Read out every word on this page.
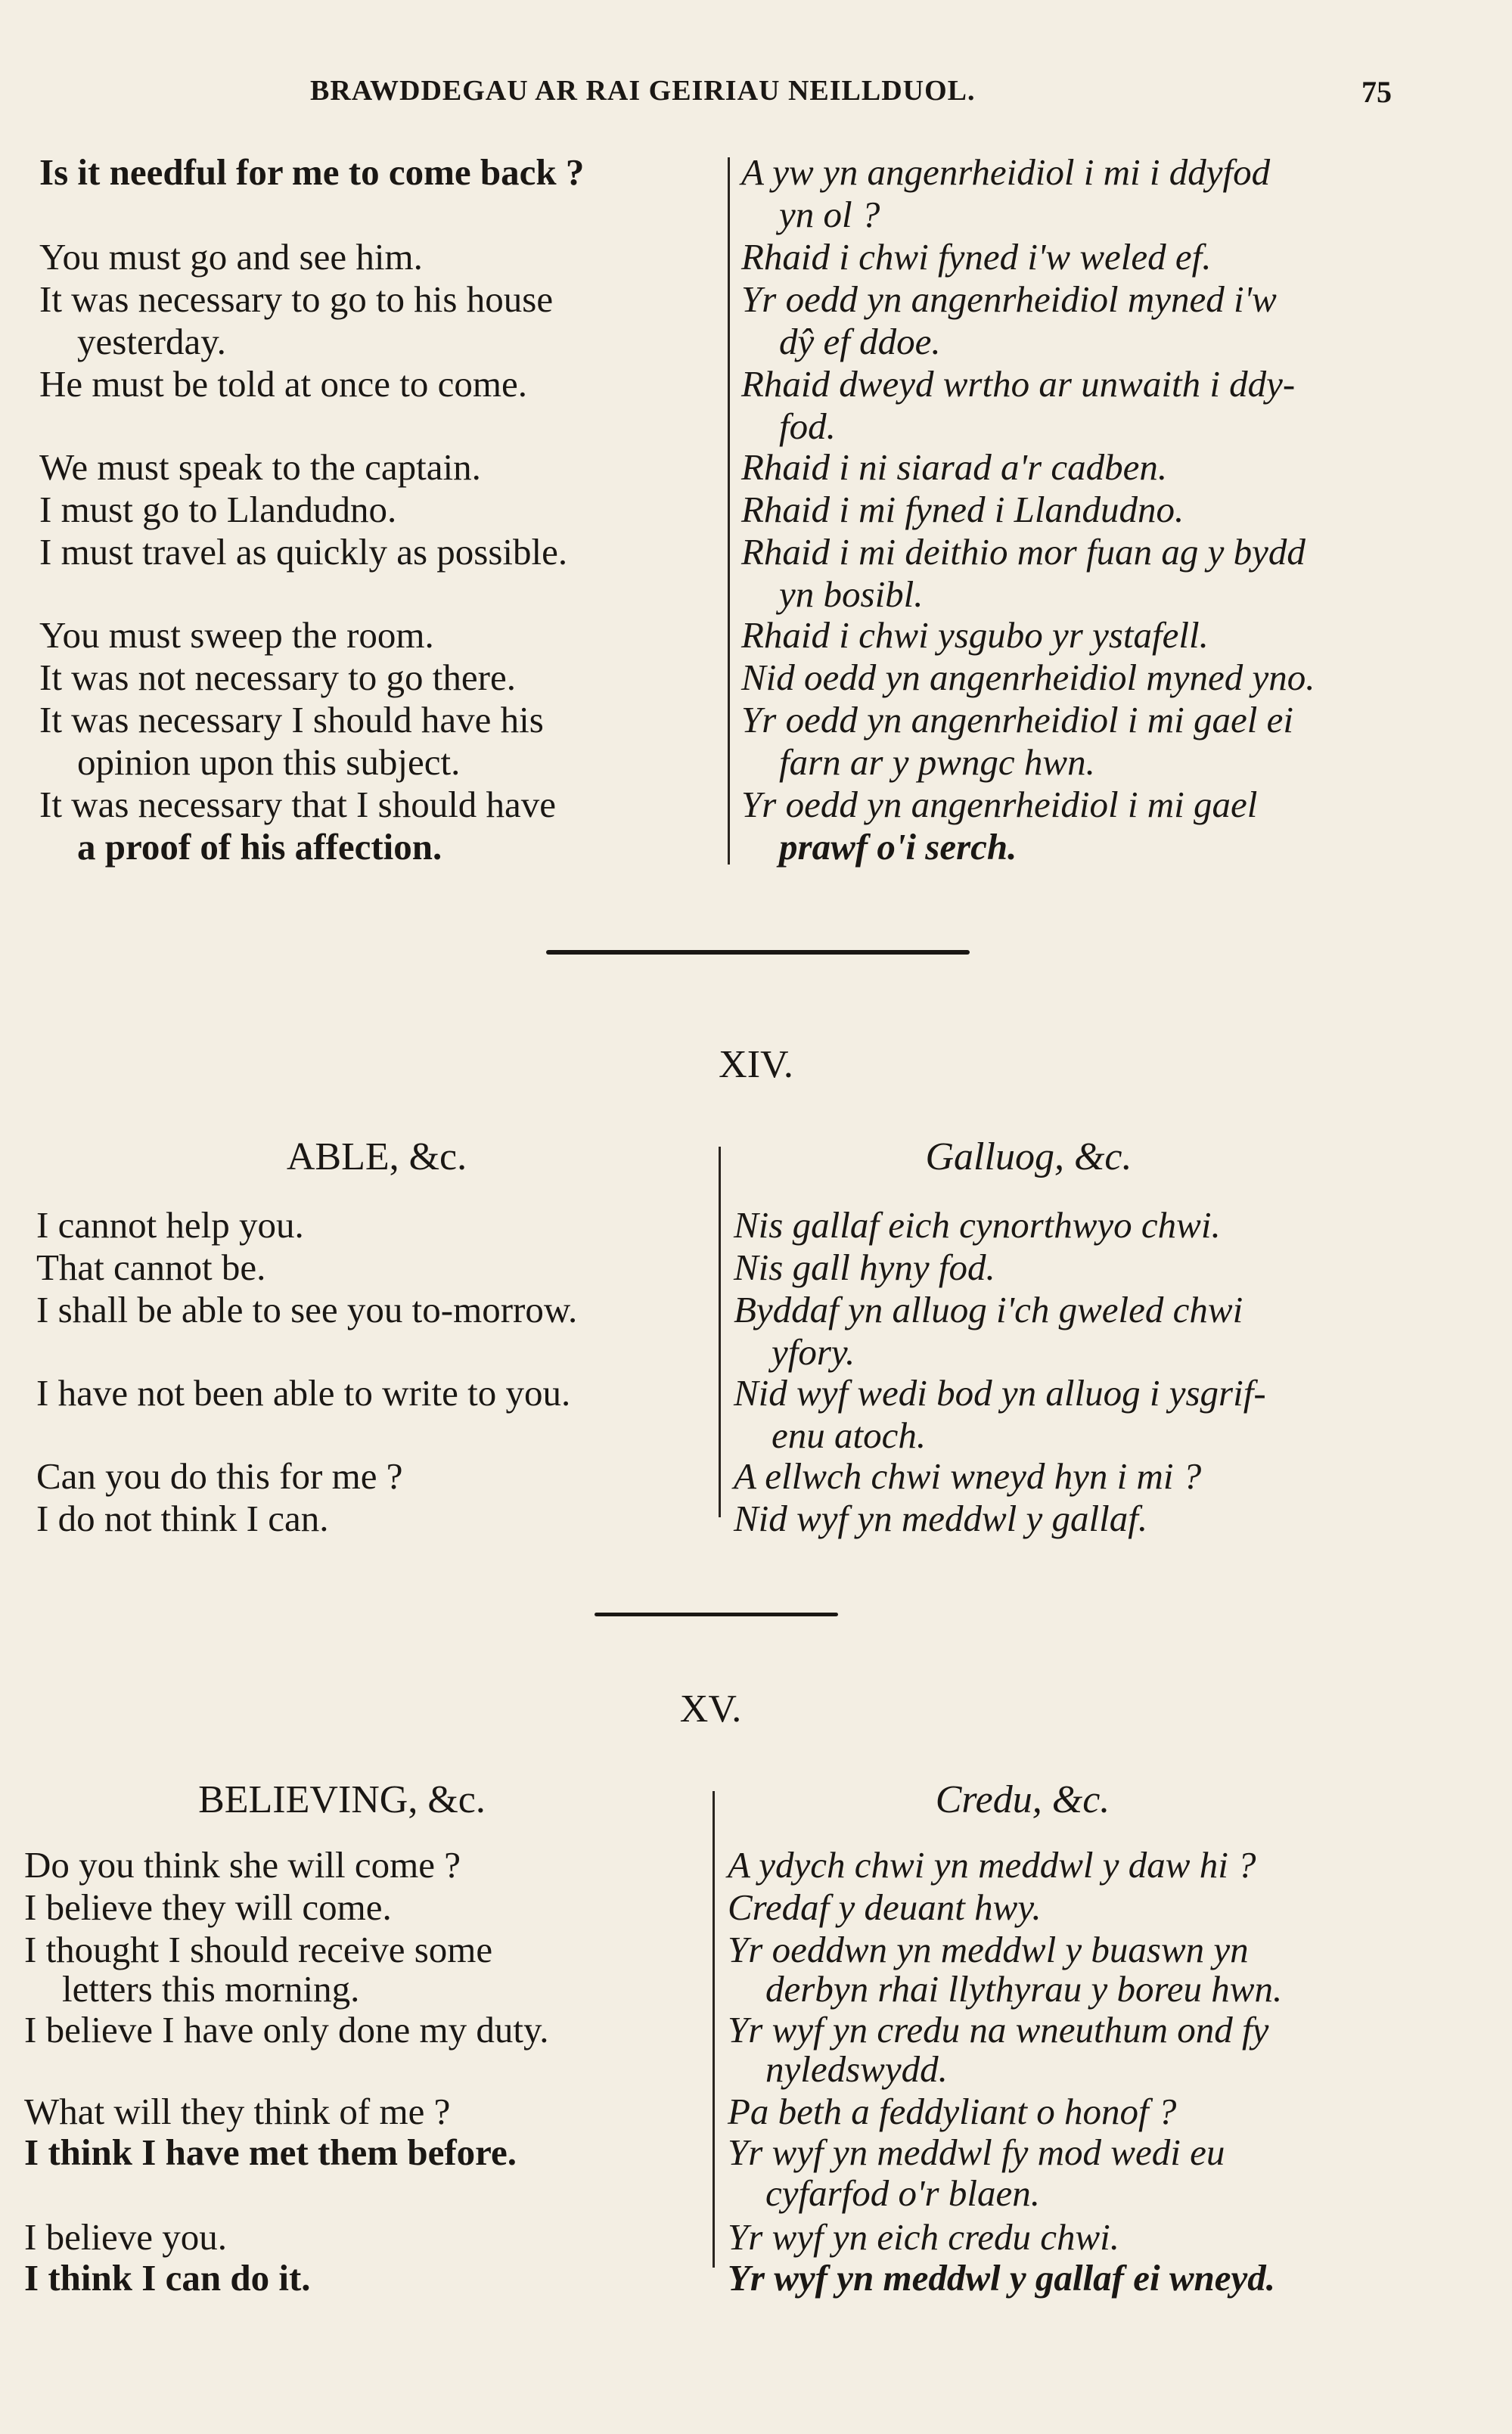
BRAWDDEGAU AR RAI GEIRIAU NEILLDUOL.	75
Is it needful for me to come back ?
You must go and see him.
It was necessary to go to his house
yesterday.
He must be told at once to come.
We must speak to the captain.
I must go to Llandudno.
I must travel as quickly as possible.
You must sweep the room.
It was not necessary to go there.
It was necessary I should have his
opinion upon this subject.
It was necessary that I should have
a proof of his affection.
A yw yn angenrheidiol i mi i ddyfod
yn ol ?
Rhaid i chwi fyned i'w weled ef.
Yr oedd yn angenrheidiol myned i'w
dŷ ef ddoe.
Rhaid dweyd wrtho ar unwaith i ddy-
fod.
Rhaid i ni siarad a'r cadben.
Rhaid i mi fyned i Llandudno.
Rhaid i mi deithio mor fuan ag y bydd
yn bosibl.
Rhaid i chwi ysgubo yr ystafell.
Nid oedd yn angenrheidiol myned yno.
Yr oedd yn angenrheidiol i mi gael ei
farn ar y pwngc hwn.
Yr oedd yn angenrheidiol i mi gael
prawf o'i serch.
XIV.
ABLE, &c.
I cannot help you.
That cannot be.
I shall be able to see you to-morrow.
I have not been able to write to you.
Can you do this for me ?
I do not think I can.
Galluog, &c.
Nis gallaf eich cynorthwyo chwi.
Nis gall hyny fod.
Byddaf yn alluog i'ch gweled chwi
yfory.
Nid wyf wedi bod yn alluog i ysgrif-
enu atoch.
A ellwch chwi wneyd hyn i mi ?
Nid wyf yn meddwl y gallaf.
XV.
BELIEVING, &c.
Do you think she will come ?
I believe they will come.
I thought I should receive some
letters this morning.
I believe I have only done my duty.
What will they think of me ?
I think I have met them before.
I believe you.
I think I can do it.
Credu, &c.
A ydych chwi yn meddwl y daw hi ?
Credaf y deuant hwy.
Yr oeddwn yn meddwl y buaswn yn
derbyn rhai llythyrau y boreu hwn.
Yr wyf yn credu na wneuthum ond fy
nyledswydd.
Pa beth a feddyliant o honof ?
Yr wyf yn meddwl fy mod wedi eu
cyfarfod o'r blaen.
Yr wyf yn eich credu chwi.
Yr wyf yn meddwl y gallaf ei wneyd.
